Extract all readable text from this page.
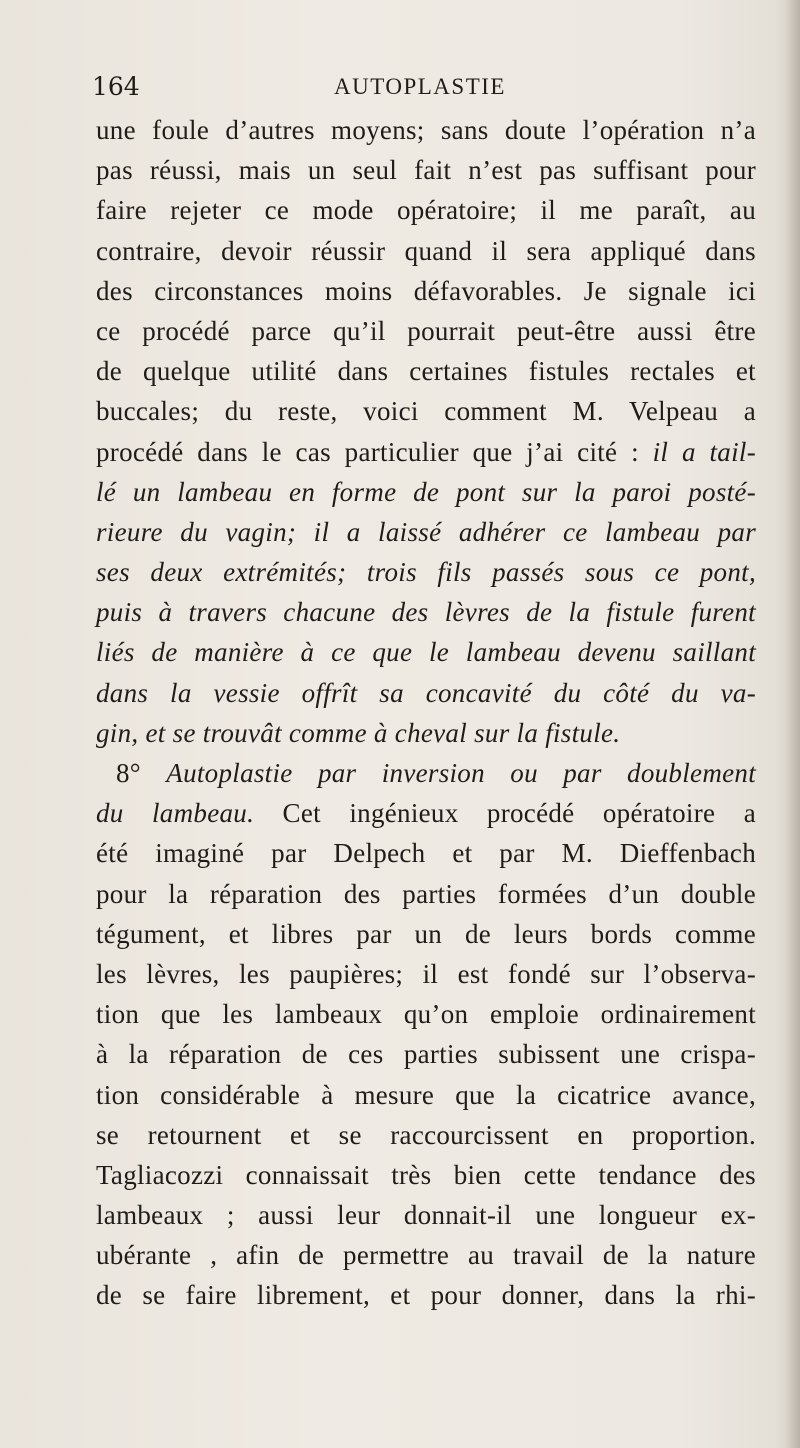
164	AUTOPLASTIE
une foule d’autres moyens; sans doute l’opération n’a
pas réussi, mais un seul fait n’est pas suffisant pour
faire rejeter ce mode opératoire; il me paraît, au
contraire, devoir réussir quand il sera appliqué dans
des circonstances moins défavorables. Je signale ici
ce procédé parce qu’il pourrait peut-être aussi être
de quelque utilité dans certaines fistules rectales et
buccales; du reste, voici comment M. Velpeau a
procédé dans le cas particulier que j’ai cité : il a tail-
lé un lambeau en forme de pont sur la paroi posté-
rieure du vagin; il a laissé adhérer ce lambeau par
ses deux extrémités; trois fils passés sous ce pont,
puis à travers chacune des lèvres de la fistule furent
liés de manière à ce que le lambeau devenu saillant
dans la vessie offrît sa concavité du côté du va-
gin, et se trouvât comme à cheval sur la fistule.
8° Autoplastie par inversion ou par doublement
du lambeau. Cet ingénieux procédé opératoire a
été imaginé par Delpech et par M. Dieffenbach
pour la réparation des parties formées d’un double
tégument, et libres par un de leurs bords comme
les lèvres, les paupières; il est fondé sur l’observa-
tion que les lambeaux qu’on emploie ordinairement
à la réparation de ces parties subissent une crispa-
tion considérable à mesure que la cicatrice avance,
se retournent et se raccourcissent en proportion.
Tagliacozzi connaissait très bien cette tendance des
lambeaux ; aussi leur donnait-il une longueur ex-
ubérante , afin de permettre au travail de la nature
de se faire librement, et pour donner, dans la rhi-
